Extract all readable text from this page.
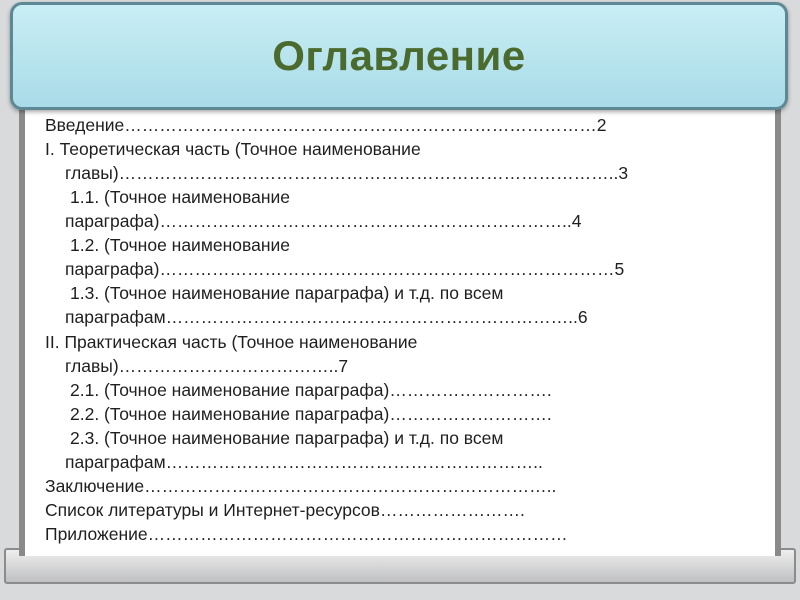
Оглавление
Введение………………………………………………………………………2
I. Теоретическая часть (Точное наименование
главы)…………………………………………………………………………..3
1.1. (Точное наименование
параграфа)……………………………………………………………..4
1.2. (Точное наименование
параграфа)……………………………………………………………………5
1.3. (Точное наименование параграфа) и т.д. по всем
параграфам……………………………………………………………..6
II. Практическая часть (Точное наименование
главы)………………………………..7
2.1. (Точное наименование параграфа)……………………….
2.2. (Точное наименование параграфа)……………………….
2.3. (Точное наименование параграфа) и т.д. по всем
параграфам………………………………………………………..
Заключение……………………………………………………………..
Список литературы и Интернет-ресурсов…………………….
Приложение………………………………………………………………
